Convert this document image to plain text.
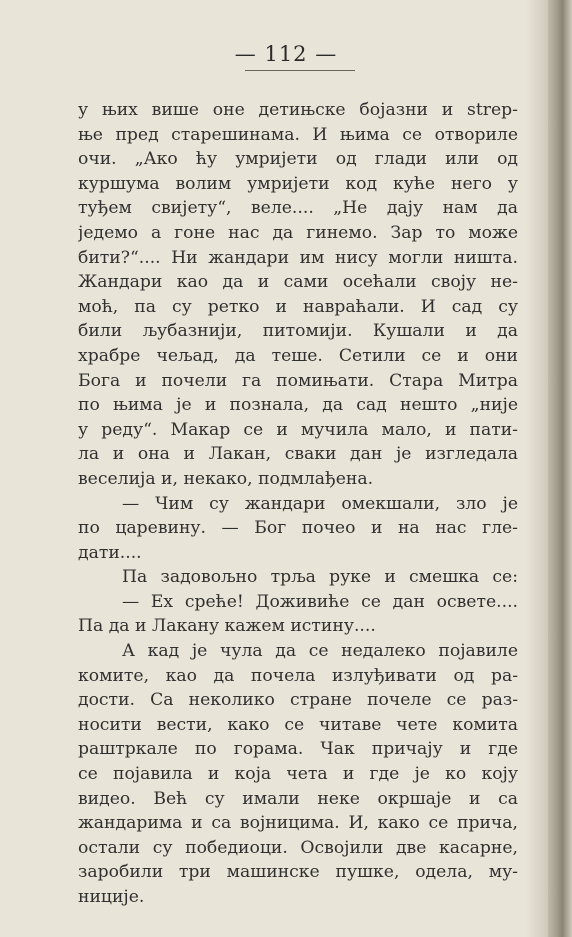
— 112 —
у њих више оне детињске бојазни и strep-
ње пред старешинама. И њима се отвориле
очи. „Ако ћу умријети од глади или од
куршума волим умријети код куће него у
туђем свијету“, веле.... „Не дају нам да
једемо а гоне нас да гинемо. Зар то може
бити?“.... Ни жандари им нису могли ништа.
Жандари као да и сами осећали своју не-
моћ, па су ретко и навраћали. И сад су
били љубазнији, питомији. Кушали и да
храбре чељад, да теше. Сетили се и они
Бога и почели га помињати. Стара Митра
по њима је и познала, да сад нешто „није
у реду“. Макар се и мучила мало, и пати-
ла и она и Лакан, сваки дан је изгледала
веселија и, некако, подмлађена.
— Чим су жандари омекшали, зло је
по царевину. — Бог почео и на нас гле-
дати....
Па задовољно трља руке и смешка се:
— Ех среће! Доживиће се дан освете....
Па да и Лакану кажем истину....
А кад је чула да се недалеко појавиле
комите, као да почела излуђивати од ра-
дости. Са неколико стране почеле се раз-
носити вести, како се читаве чете комита
раштркале по горама. Чак причају и где
се појавила и која чета и где је ко коју
видео. Већ су имали неке окршаје и са
жандарима и са војницима. И, како се прича,
остали су победиоци. Освојили две касарне,
заробили три машинске пушке, одела, му-
ниције.
